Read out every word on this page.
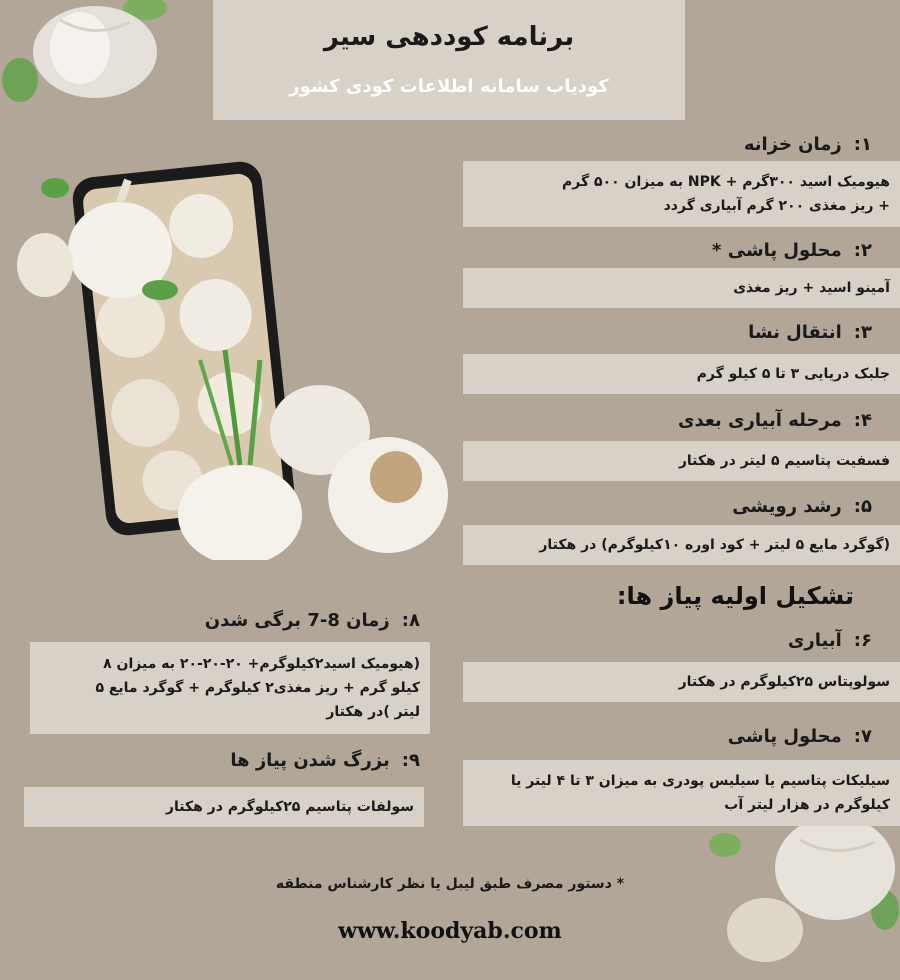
برنامه کوددهی سیر
کودیاب سامانه اطلاعات کودی کشور
۱:زمان خزانه
هیومیک اسید ۳۰۰گرم + NPK به میزان ۵۰۰ گرم
+ ریز مغذی ۲۰۰ گرم آبیاری گردد
۲:محلول پاشی *
آمینو اسید + ریز مغذی
۳:انتقال نشا
جلبک دریایی ۳ تا ۵ کیلو گرم
۴:مرحله آبیاری بعدی
فسفیت پتاسیم ۵ لیتر در هکتار
۵:رشد رویشی
(گوگرد مایع ۵ لیتر + کود اوره ۱۰کیلوگرم) در هکتار
تشکیل اولیه پیاز ها:
۶:آبیاری
سولوپتاس ۲۵کیلوگرم در هکتار
۷:محلول پاشی
سیلیکات پتاسیم یا سیلیس پودری به میزان ۳ تا ۴ لیتر یا
کیلوگرم در هزار لیتر آب
۸:زمان 8-7 برگی شدن
(هیومیک اسید۲کیلوگرم+ ۲۰-۲۰-۲۰ به میزان ۸
کیلو گرم + ریز مغذی۲ کیلوگرم + گوگرد مایع ۵
لیتر )در هکتار
۹:بزرگ شدن پیاز ها
سولفات پتاسیم ۲۵کیلوگرم در هکتار
* دستور مصرف طبق لیبل یا نظر کارشناس منطقه
www.koodyab.com
